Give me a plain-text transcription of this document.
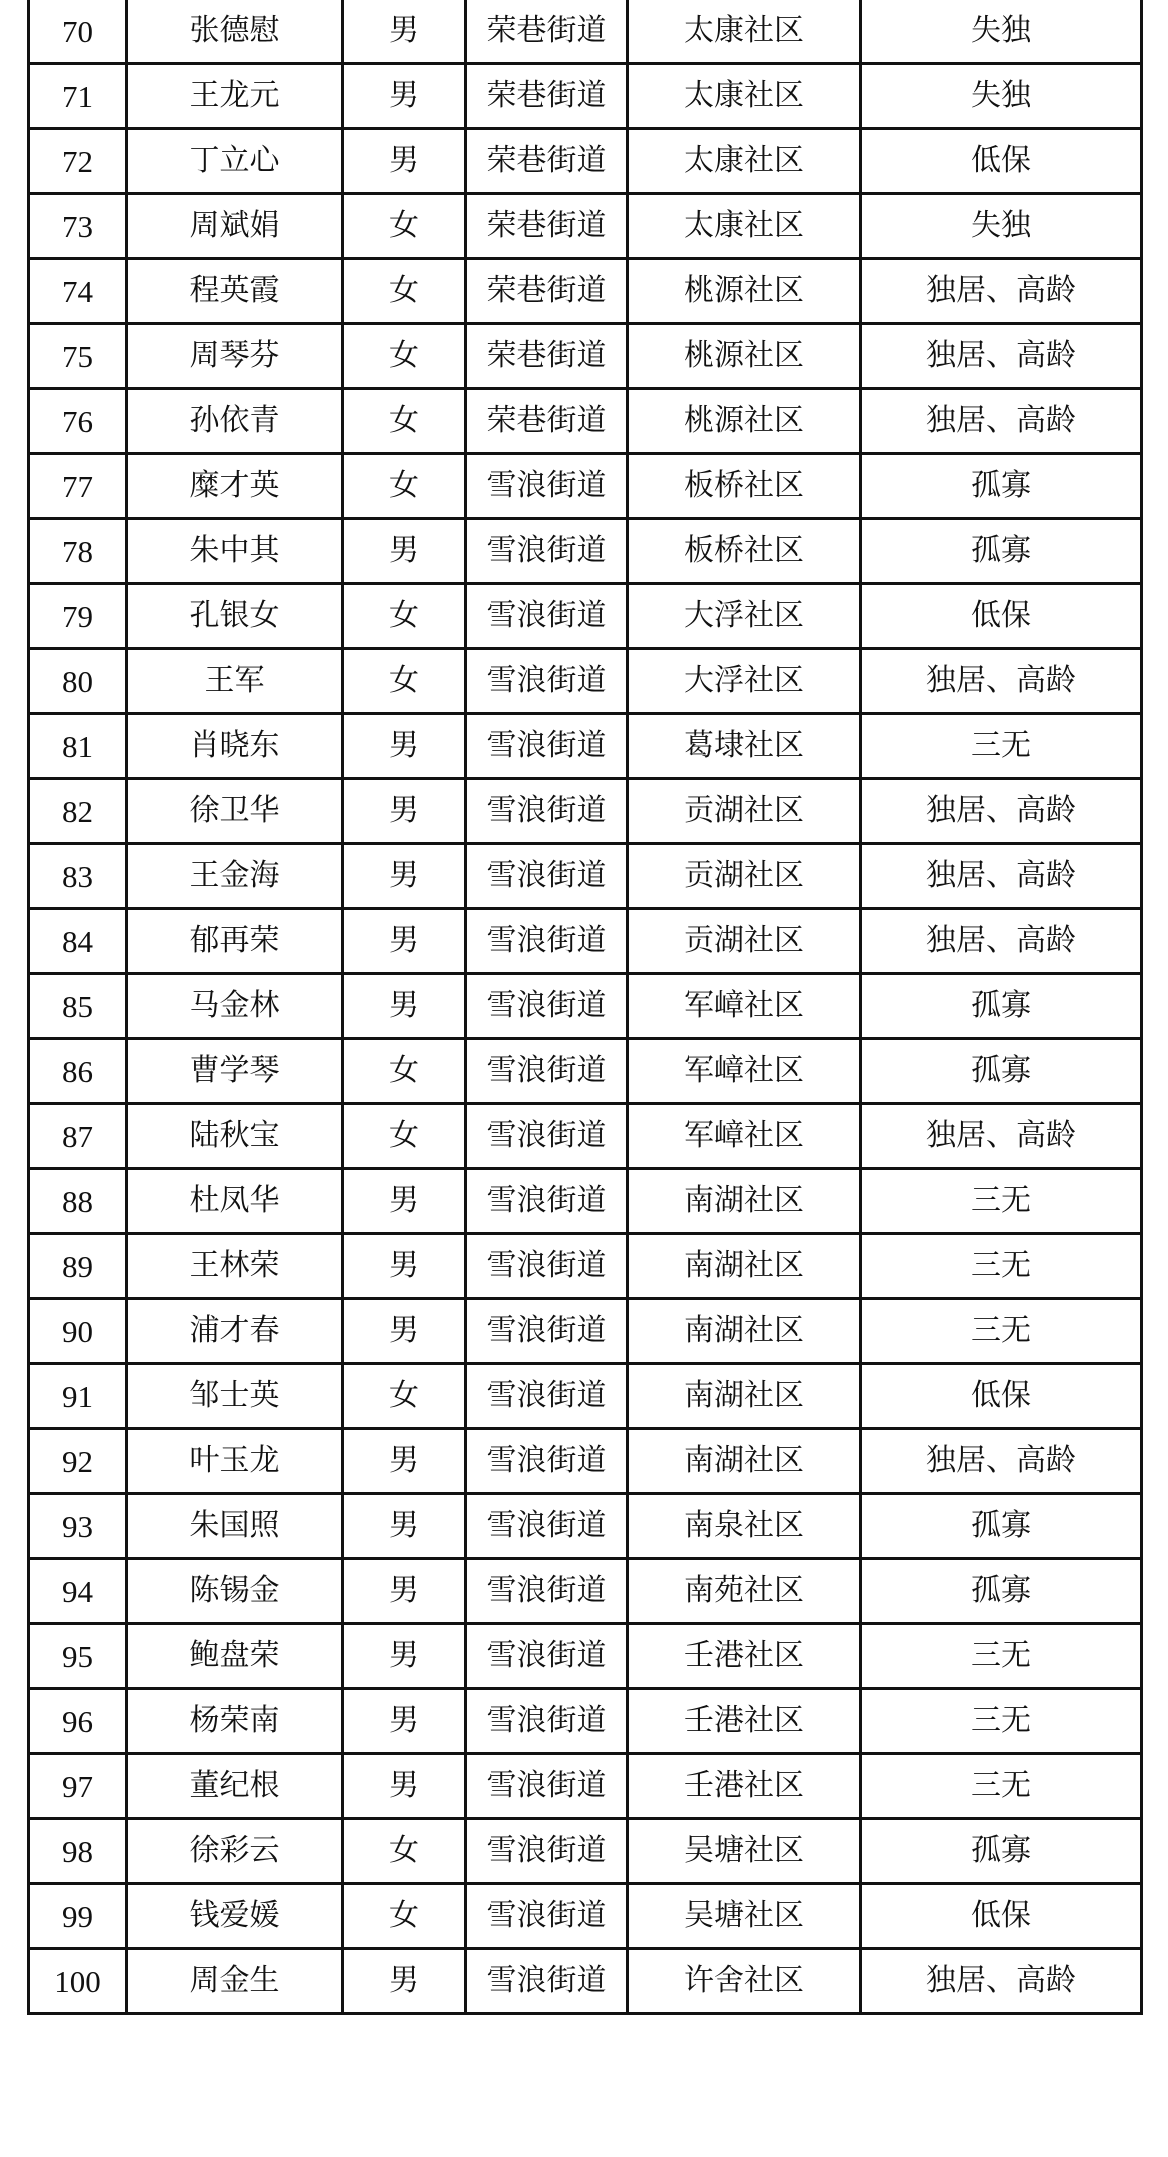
70	张德慰	男	荣巷街道	太康社区	失独
71	王龙元	男	荣巷街道	太康社区	失独
72	丁立心	男	荣巷街道	太康社区	低保
73	周斌娟	女	荣巷街道	太康社区	失独
74	程英霞	女	荣巷街道	桃源社区	独居、高龄
75	周琴芬	女	荣巷街道	桃源社区	独居、高龄
76	孙依青	女	荣巷街道	桃源社区	独居、高龄
77	糜才英	女	雪浪街道	板桥社区	孤寡
78	朱中其	男	雪浪街道	板桥社区	孤寡
79	孔银女	女	雪浪街道	大浮社区	低保
80	王军	女	雪浪街道	大浮社区	独居、高龄
81	肖晓东	男	雪浪街道	葛埭社区	三无
82	徐卫华	男	雪浪街道	贡湖社区	独居、高龄
83	王金海	男	雪浪街道	贡湖社区	独居、高龄
84	郁再荣	男	雪浪街道	贡湖社区	独居、高龄
85	马金林	男	雪浪街道	军嶂社区	孤寡
86	曹学琴	女	雪浪街道	军嶂社区	孤寡
87	陆秋宝	女	雪浪街道	军嶂社区	独居、高龄
88	杜凤华	男	雪浪街道	南湖社区	三无
89	王林荣	男	雪浪街道	南湖社区	三无
90	浦才春	男	雪浪街道	南湖社区	三无
91	邹士英	女	雪浪街道	南湖社区	低保
92	叶玉龙	男	雪浪街道	南湖社区	独居、高龄
93	朱国照	男	雪浪街道	南泉社区	孤寡
94	陈锡金	男	雪浪街道	南苑社区	孤寡
95	鲍盘荣	男	雪浪街道	壬港社区	三无
96	杨荣南	男	雪浪街道	壬港社区	三无
97	董纪根	男	雪浪街道	壬港社区	三无
98	徐彩云	女	雪浪街道	吴塘社区	孤寡
99	钱爱媛	女	雪浪街道	吴塘社区	低保
100	周金生	男	雪浪街道	许舍社区	独居、高龄
